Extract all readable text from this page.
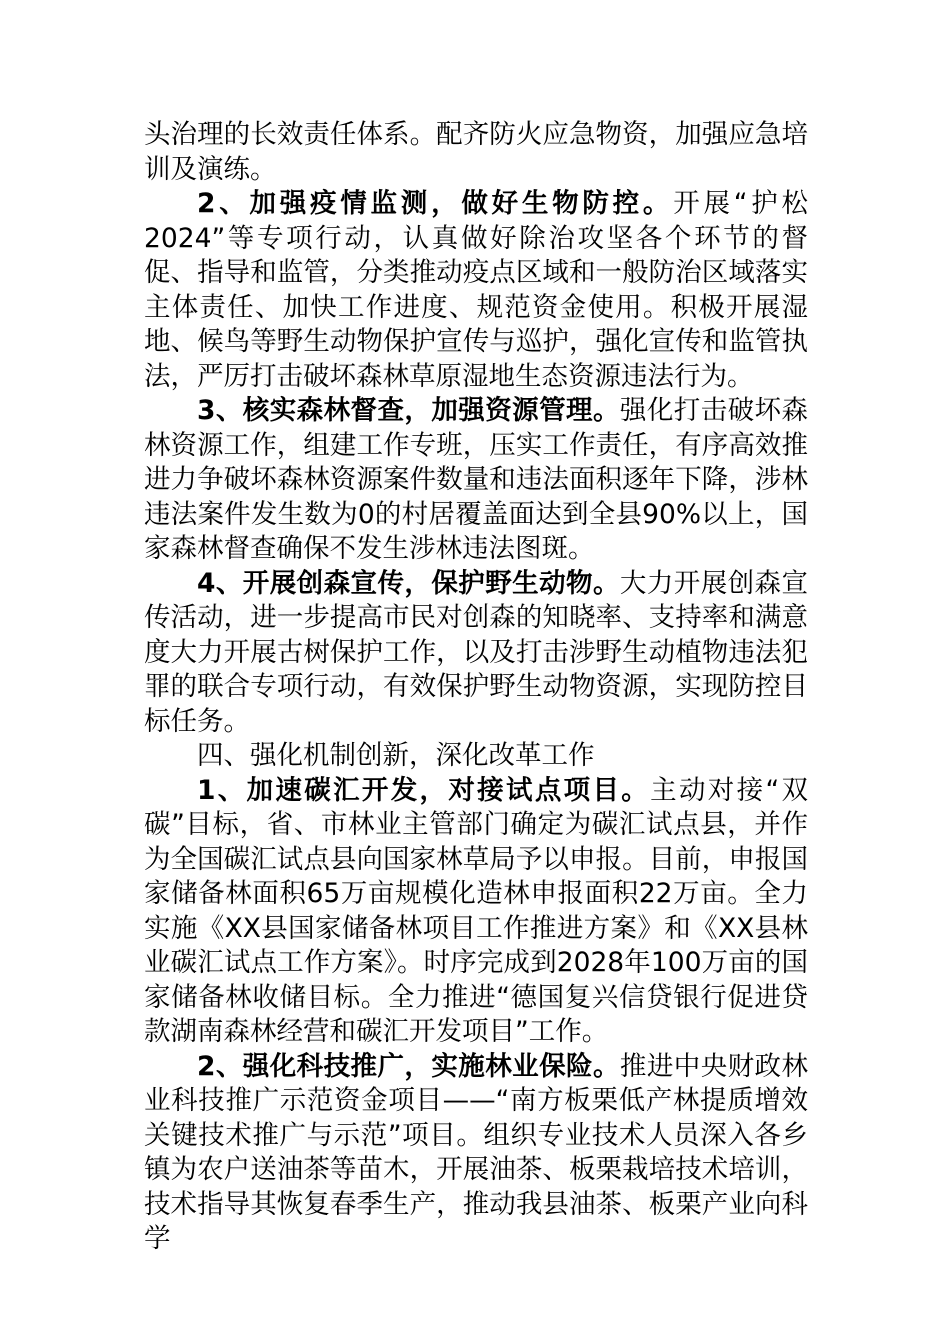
头治理的长效责任体系。配齐防火应急物资，加强应急培训及演练。

2、加强疫情监测，做好生物防控。开展“护松2024”等专项行动，认真做好除治攻坚各个环节的督促、指导和监管，分类推动疫点区域和一般防治区域落实主体责任、加快工作进度、规范资金使用。积极开展湿地、候鸟等野生动物保护宣传与巡护，强化宣传和监管执法，严厉打击破坏森林草原湿地生态资源违法行为。

3、核实森林督查，加强资源管理。强化打击破坏森林资源工作，组建工作专班，压实工作责任，有序高效推进力争破坏森林资源案件数量和违法面积逐年下降，涉林违法案件发生数为0的村居覆盖面达到全县90%以上，国家森林督查确保不发生涉林违法图斑。

4、开展创森宣传，保护野生动物。大力开展创森宣传活动，进一步提高市民对创森的知晓率、支持率和满意度大力开展古树保护工作，以及打击涉野生动植物违法犯罪的联合专项行动，有效保护野生动物资源，实现防控目标任务。

四、强化机制创新，深化改革工作

1、加速碳汇开发，对接试点项目。主动对接“双碳”目标，省、市林业主管部门确定为碳汇试点县，并作为全国碳汇试点县向国家林草局予以申报。目前，申报国家储备林面积65万亩规模化造林申报面积22万亩。全力实施《XX县国家储备林项目工作推进方案》和《XX县林业碳汇试点工作方案》。时序完成到2028年100万亩的国家储备林收储目标。全力推进“德国复兴信贷银行促进贷款湖南森林经营和碳汇开发项目”工作。

2、强化科技推广，实施林业保险。推进中央财政林业科技推广示范资金项目——“南方板栗低产林提质增效关键技术推广与示范”项目。组织专业技术人员深入各乡镇为农户送油茶等苗木，开展油茶、板栗栽培技术培训，技术指导其恢复春季生产，推动我县油茶、板栗产业向科学
